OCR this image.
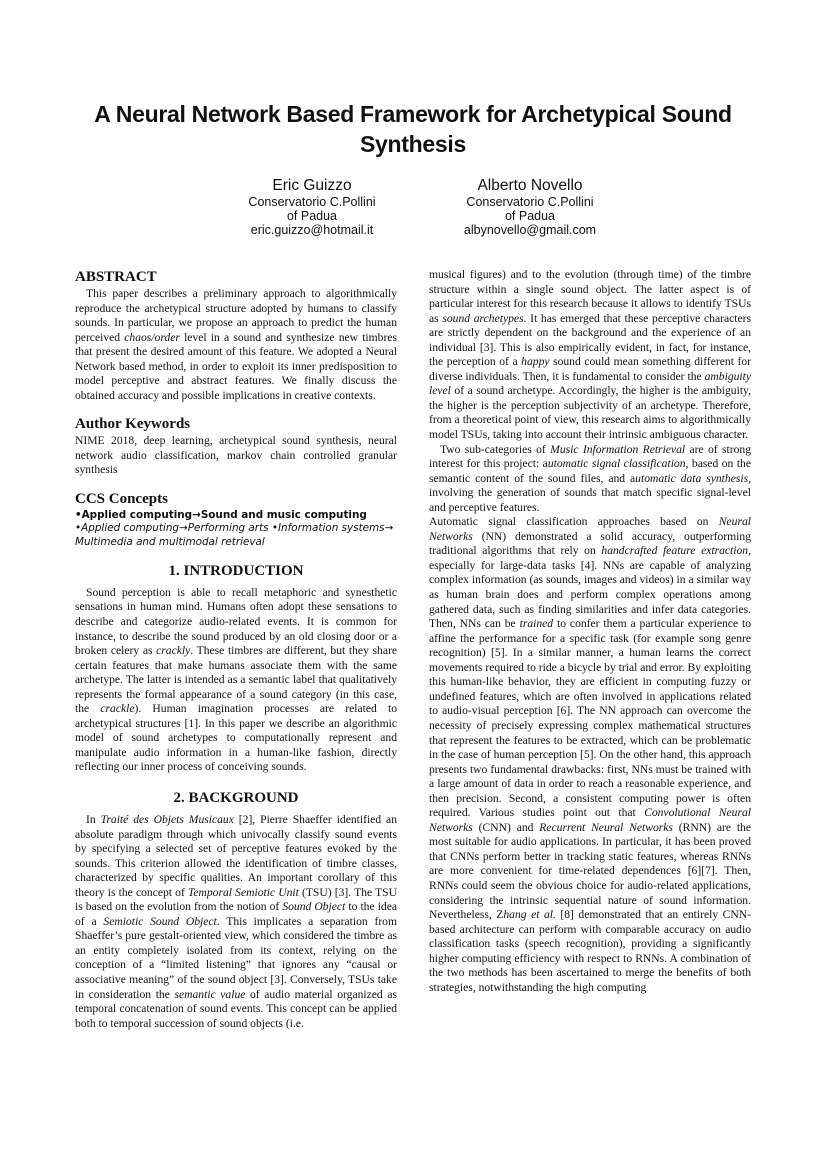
A Neural Network Based Framework for Archetypical Sound Synthesis
Eric Guizzo
Conservatorio C.Pollini
of Padua
eric.guizzo@hotmail.it
Alberto Novello
Conservatorio C.Pollini
of Padua
albynovello@gmail.com
ABSTRACT

This paper describes a preliminary approach to algorithmically reproduce the archetypical structure adopted by humans to classify sounds. In particular, we propose an approach to predict the human perceived chaos/order level in a sound and synthesize new timbres that present the desired amount of this feature. We adopted a Neural Network based method, in order to exploit its inner predisposition to model perceptive and abstract features. We finally discuss the obtained accuracy and possible implications in creative contexts.

Author Keywords

NIME 2018, deep learning, archetypical sound synthesis, neural network audio classification, markov chain controlled granular synthesis

CCS Concepts
•Applied computing→Sound and music computing
•Applied computing→Performing arts •Information systems→ Multimedia and multimodal retrieval
1. INTRODUCTION

Sound perception is able to recall metaphoric and synesthetic sensations in human mind. Humans often adopt these sensations to describe and categorize audio-related events. It is common for instance, to describe the sound produced by an old closing door or a broken celery as crackly. These timbres are different, but they share certain features that make humans associate them with the same archetype. The latter is intended as a semantic label that qualitatively represents the formal appearance of a sound category (in this case, the crackle). Human imagination processes are related to archetypical structures [1]. In this paper we describe an algorithmic model of sound archetypes to computationally represent and manipulate audio information in a human-like fashion, directly reflecting our inner process of conceiving sounds.

2. BACKGROUND

In Traité des Objets Musicaux [2], Pierre Shaeffer identified an absolute paradigm through which univocally classify sound events by specifying a selected set of perceptive features evoked by the sounds. This criterion allowed the identification of timbre classes, characterized by specific qualities. An important corollary of this theory is the concept of Temporal Semiotic Unit (TSU) [3]. The TSU is based on the evolution from the notion of Sound Object to the idea of a Semiotic Sound Object. This implicates a separation from Shaeffer’s pure gestalt-oriented view, which considered the timbre as an entity completely isolated from its context, relying on the conception of a “limited listening” that ignores any “causal or associative meaning” of the sound object [3]. Conversely, TSUs take in consideration the semantic value of audio material organized as temporal concatenation of sound events. This concept can be applied both to temporal succession of sound objects (i.e.

musical figures) and to the evolution (through time) of the timbre structure within a single sound object. The latter aspect is of particular interest for this research because it allows to identify TSUs as sound archetypes. It has emerged that these perceptive characters are strictly dependent on the background and the experience of an individual [3]. This is also empirically evident, in fact, for instance, the perception of a happy sound could mean something different for diverse individuals. Then, it is fundamental to consider the ambiguity level of a sound archetype. Accordingly, the higher is the ambiguity, the higher is the perception subjectivity of an archetype. Therefore, from a theoretical point of view, this research aims to algorithmically model TSUs, taking into account their intrinsic ambiguous character.

Two sub-categories of Music Information Retrieval are of strong interest for this project: automatic signal classification, based on the semantic content of the sound files, and automatic data synthesis, involving the generation of sounds that match specific signal-level and perceptive features.

Automatic signal classification approaches based on Neural Networks (NN) demonstrated a solid accuracy, outperforming traditional algorithms that rely on handcrafted feature extraction, especially for large-data tasks [4]. NNs are capable of analyzing complex information (as sounds, images and videos) in a similar way as human brain does and perform complex operations among gathered data, such as finding similarities and infer data categories. Then, NNs can be trained to confer them a particular experience to affine the performance for a specific task (for example song genre recognition) [5]. In a similar manner, a human learns the correct movements required to ride a bicycle by trial and error. By exploiting this human-like behavior, they are efficient in computing fuzzy or undefined features, which are often involved in applications related to audio-visual perception [6]. The NN approach can overcome the necessity of precisely expressing complex mathematical structures that represent the features to be extracted, which can be problematic in the case of human perception [5]. On the other hand, this approach presents two fundamental drawbacks: first, NNs must be trained with a large amount of data in order to reach a reasonable experience, and then precision. Second, a consistent computing power is often required. Various studies point out that Convolutional Neural Networks (CNN) and Recurrent Neural Networks (RNN) are the most suitable for audio applications. In particular, it has been proved that CNNs perform better in tracking static features, whereas RNNs are more convenient for time-related dependences [6][7]. Then, RNNs could seem the obvious choice for audio-related applications, considering the intrinsic sequential nature of sound information. Nevertheless, Zhang et al. [8] demonstrated that an entirely CNN-based architecture can perform with comparable accuracy on audio classification tasks (speech recognition), providing a significantly higher computing efficiency with respect to RNNs. A combination of the two methods has been ascertained to merge the benefits of both strategies, notwithstanding the high computing
